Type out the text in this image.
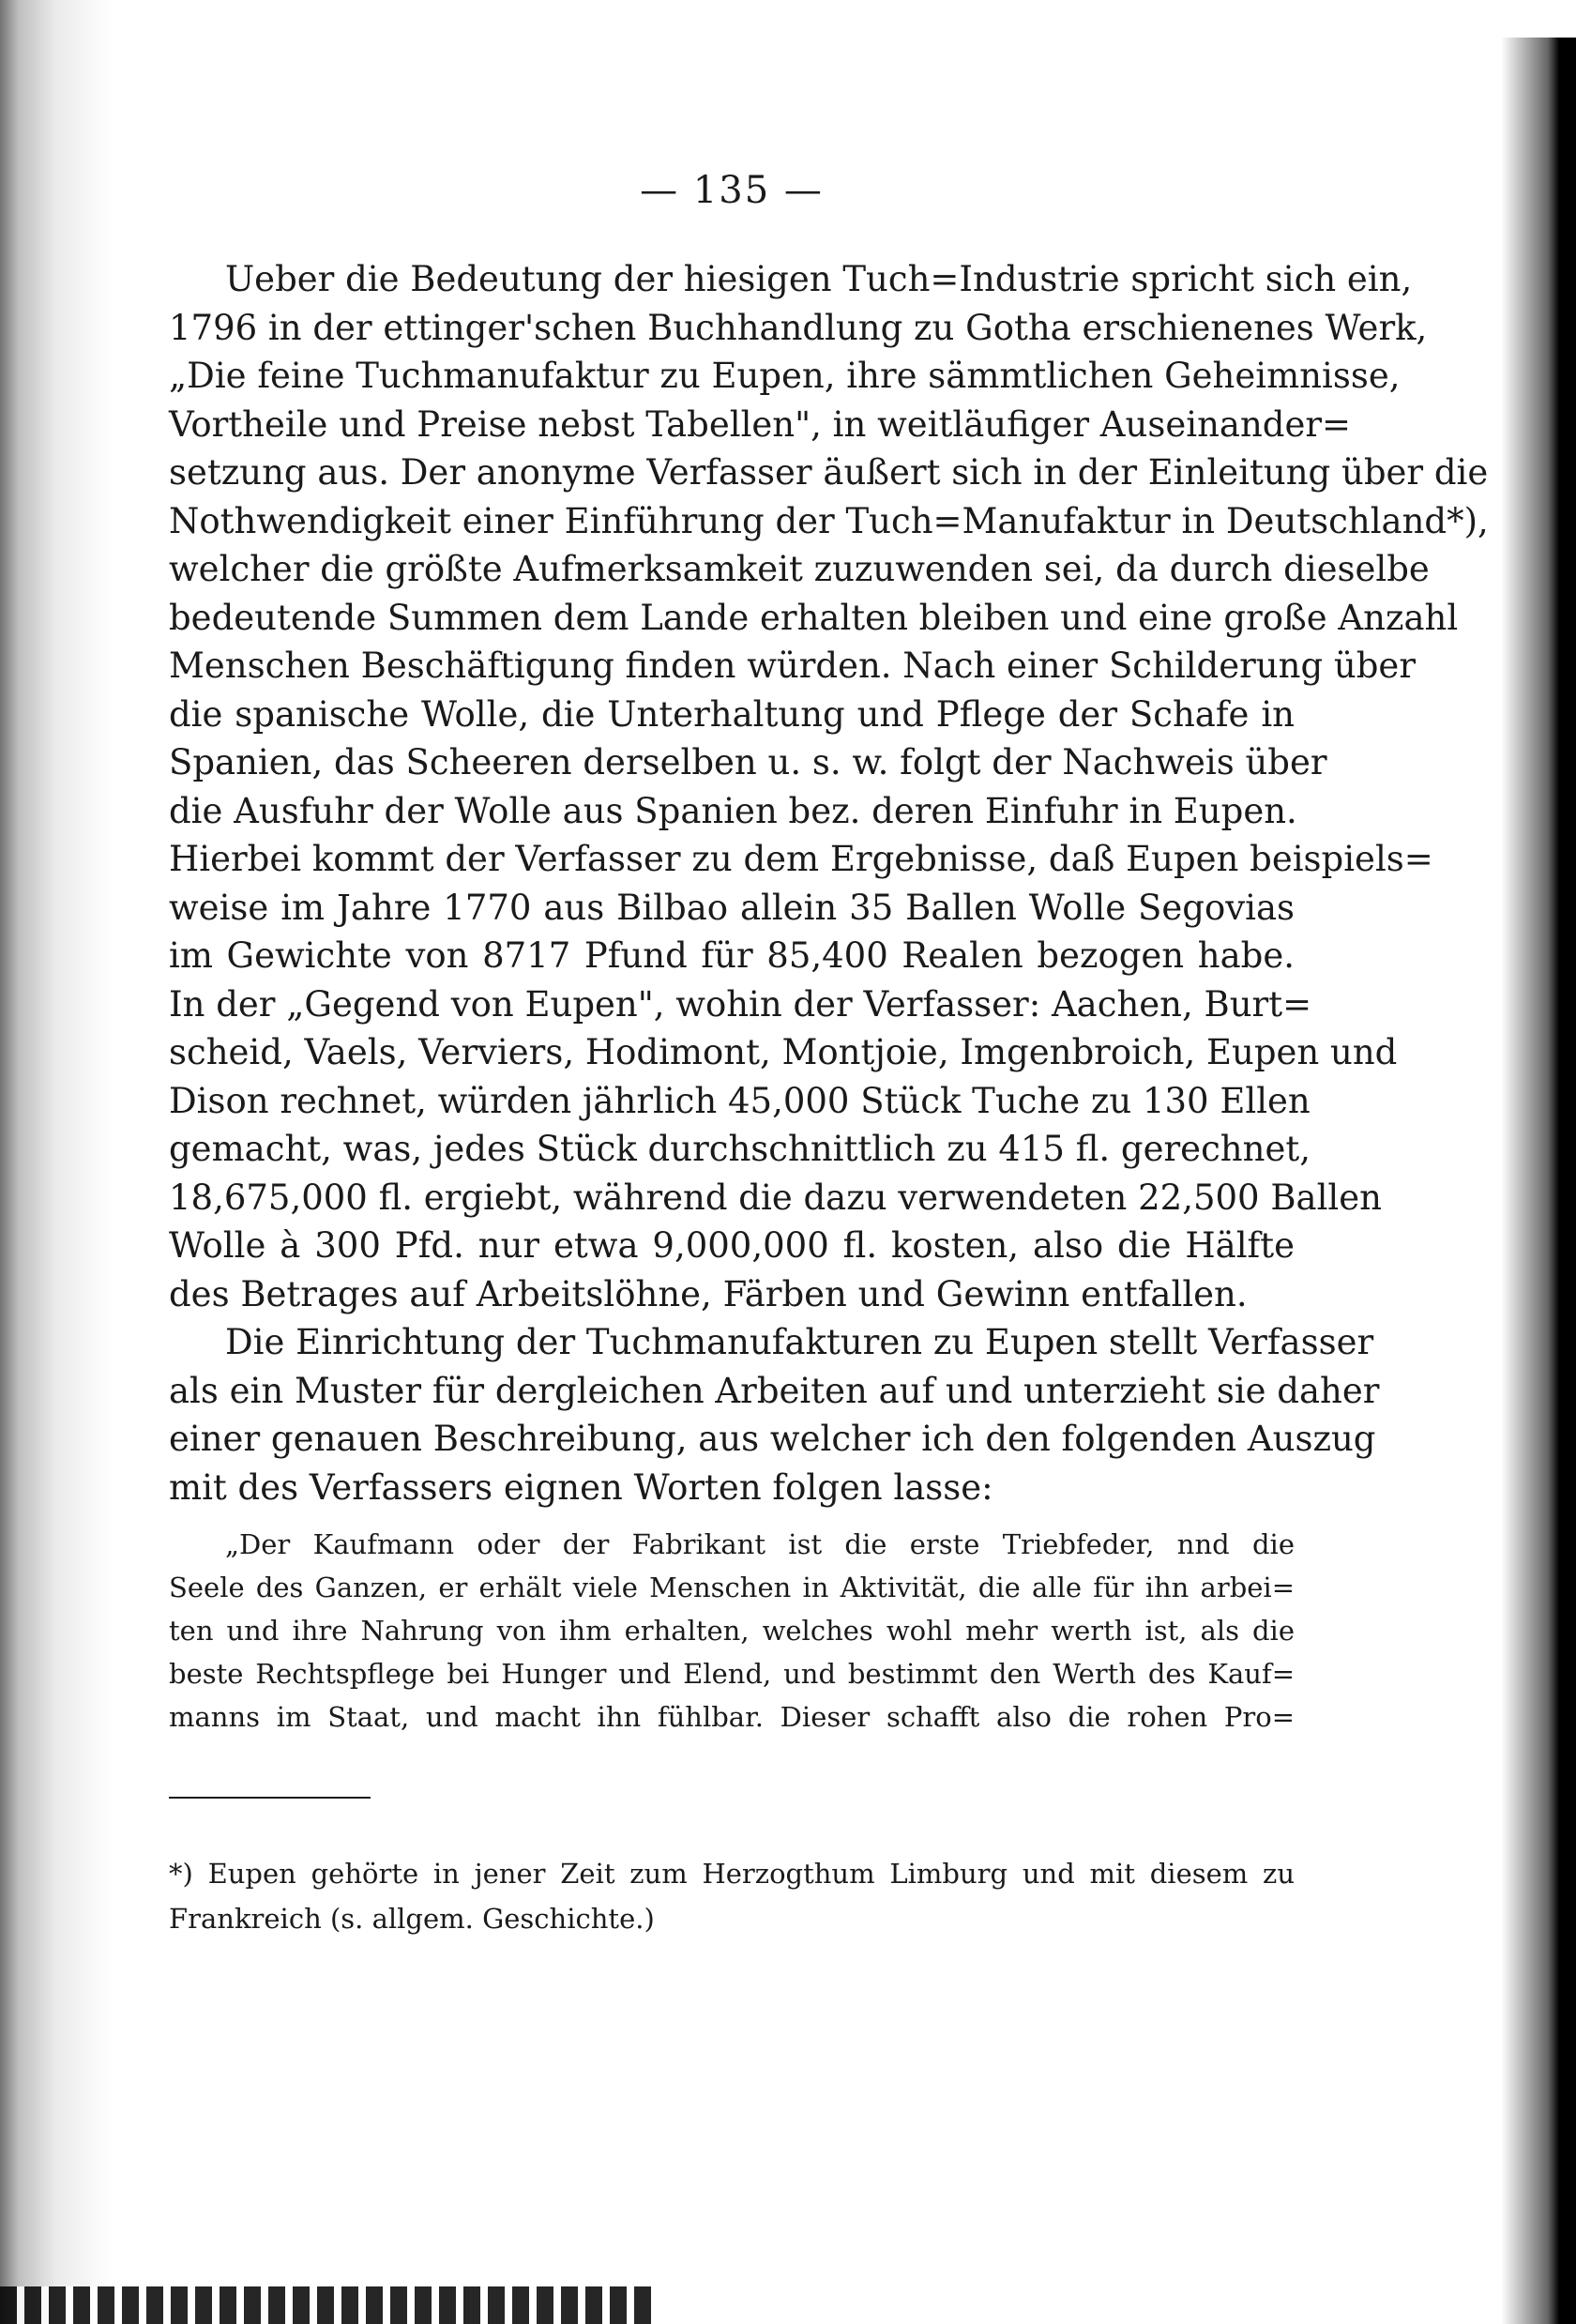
— 135 —
Ueber die Bedeutung der hiesigen Tuch=Industrie spricht sich ein,
1796 in der ettinger'schen Buchhandlung zu Gotha erschienenes Werk,
„Die feine Tuchmanufaktur zu Eupen, ihre sämmtlichen Geheimnisse,
Vortheile und Preise nebst Tabellen", in weitläufiger Auseinander=
setzung aus. Der anonyme Verfasser äußert sich in der Einleitung über die
Nothwendigkeit einer Einführung der Tuch=Manufaktur in Deutschland*),
welcher die größte Aufmerksamkeit zuzuwenden sei, da durch dieselbe
bedeutende Summen dem Lande erhalten bleiben und eine große Anzahl
Menschen Beschäftigung finden würden. Nach einer Schilderung über
die spanische Wolle, die Unterhaltung und Pflege der Schafe in
Spanien, das Scheeren derselben u. s. w. folgt der Nachweis über
die Ausfuhr der Wolle aus Spanien bez. deren Einfuhr in Eupen.
Hierbei kommt der Verfasser zu dem Ergebnisse, daß Eupen beispiels=
weise im Jahre 1770 aus Bilbao allein 35 Ballen Wolle Segovias
im Gewichte von 8717 Pfund für 85,400 Realen bezogen habe.
In der „Gegend von Eupen", wohin der Verfasser: Aachen, Burt=
scheid, Vaels, Verviers, Hodimont, Montjoie, Imgenbroich, Eupen und
Dison rechnet, würden jährlich 45,000 Stück Tuche zu 130 Ellen
gemacht, was, jedes Stück durchschnittlich zu 415 fl. gerechnet,
18,675,000 fl. ergiebt, während die dazu verwendeten 22,500 Ballen
Wolle à 300 Pfd. nur etwa 9,000,000 fl. kosten, also die Hälfte
des Betrages auf Arbeitslöhne, Färben und Gewinn entfallen.
Die Einrichtung der Tuchmanufakturen zu Eupen stellt Verfasser
als ein Muster für dergleichen Arbeiten auf und unterzieht sie daher
einer genauen Beschreibung, aus welcher ich den folgenden Auszug
mit des Verfassers eignen Worten folgen lasse:
„Der Kaufmann oder der Fabrikant ist die erste Triebfeder, nnd die
Seele des Ganzen, er erhält viele Menschen in Aktivität, die alle für ihn arbei=
ten und ihre Nahrung von ihm erhalten, welches wohl mehr werth ist, als die
beste Rechtspflege bei Hunger und Elend, und bestimmt den Werth des Kauf=
manns im Staat, und macht ihn fühlbar. Dieser schafft also die rohen Pro=
*) Eupen gehörte in jener Zeit zum Herzogthum Limburg und mit diesem zu
Frankreich (s. allgem. Geschichte.)
